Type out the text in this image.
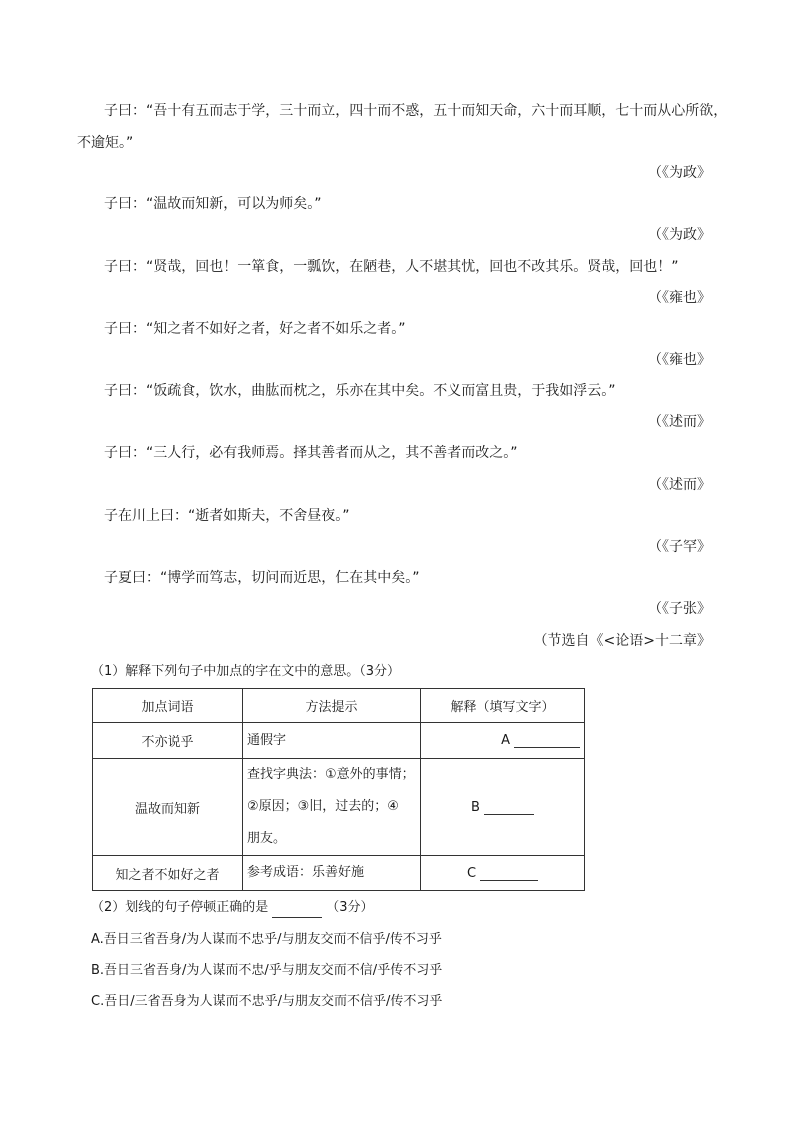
子曰：“吾十有五而志于学，三十而立，四十而不惑，五十而知天命，六十而耳顺，七十而从心所欲，
不逾矩。”
（《为政》
子曰：“温故而知新，可以为师矣。”
（《为政》
子曰：“贤哉，回也！一箪食，一瓢饮，在陋巷，人不堪其忧，回也不改其乐。贤哉，回也！”
（《雍也》
子曰：“知之者不如好之者，好之者不如乐之者。”
（《雍也》
子曰：“饭疏食，饮水，曲肱而枕之，乐亦在其中矣。不义而富且贵，于我如浮云。”
（《述而》
子曰：“三人行，必有我师焉。择其善者而从之，其不善者而改之。”
（《述而》
子在川上曰：“逝者如斯夫，不舍昼夜。”
（《子罕》
子夏曰：“博学而笃志，切问而近思，仁在其中矣。”
（《子张》
（节选自《<论语>十二章》
（1）解释下列句子中加点的字在文中的意思。（3分）
加点词语	方法提示	解释（填写文字）
不亦说乎	通假字	A
温故而知新	查找字典法：①意外的事情；
②原因；③旧，过去的；④
朋友。	B
知之者不如好之者	参考成语：乐善好施	C
（2）划线的句子停顿正确的是	（3分）
A.吾日三省吾身/为人谋而不忠乎/与朋友交而不信乎/传不习乎
B.吾日三省吾身/为人谋而不忠/乎与朋友交而不信/乎传不习乎
C.吾日/三省吾身为人谋而不忠乎/与朋友交而不信乎/传不习乎
